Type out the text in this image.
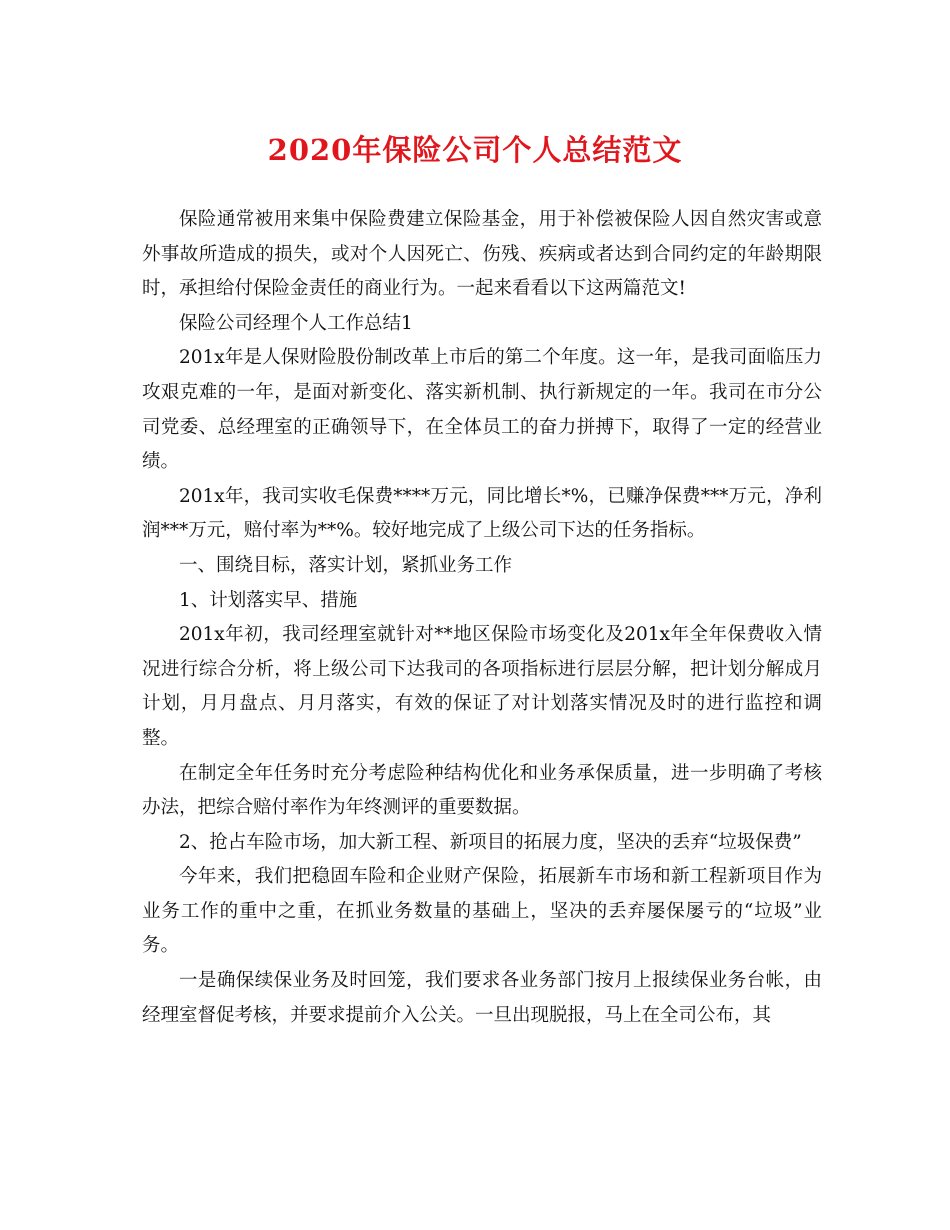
2020年保险公司个人总结范文

保险通常被用来集中保险费建立保险基金，用于补偿被保险人因自然灾害或意外事故所造成的损失，或对个人因死亡、伤残、疾病或者达到合同约定的年龄期限时，承担给付保险金责任的商业行为。一起来看看以下这两篇范文!

保险公司经理个人工作总结1

201x年是人保财险股份制改革上市后的第二个年度。这一年，是我司面临压力攻艰克难的一年，是面对新变化、落实新机制、执行新规定的一年。我司在市分公司党委、总经理室的正确领导下，在全体员工的奋力拼搏下，取得了一定的经营业绩。

201x年，我司实收毛保费****万元，同比增长*%，已赚净保费***万元，净利润***万元，赔付率为**%。较好地完成了上级公司下达的任务指标。

一、围绕目标，落实计划，紧抓业务工作

1、计划落实早、措施

201x年初，我司经理室就针对**地区保险市场变化及201x年全年保费收入情况进行综合分析，将上级公司下达我司的各项指标进行层层分解，把计划分解成月计划，月月盘点、月月落实，有效的保证了对计划落实情况及时的进行监控和调整。

在制定全年任务时充分考虑险种结构优化和业务承保质量，进一步明确了考核办法，把综合赔付率作为年终测评的重要数据。

2、抢占车险市场，加大新工程、新项目的拓展力度，坚决的丢弃“垃圾保费”

今年来，我们把稳固车险和企业财产保险，拓展新车市场和新工程新项目作为业务工作的重中之重，在抓业务数量的基础上，坚决的丢弃屡保屡亏的“垃圾”业务。

一是确保续保业务及时回笼，我们要求各业务部门按月上报续保业务台帐，由经理室督促考核，并要求提前介入公关。一旦出现脱报，马上在全司公布，其
